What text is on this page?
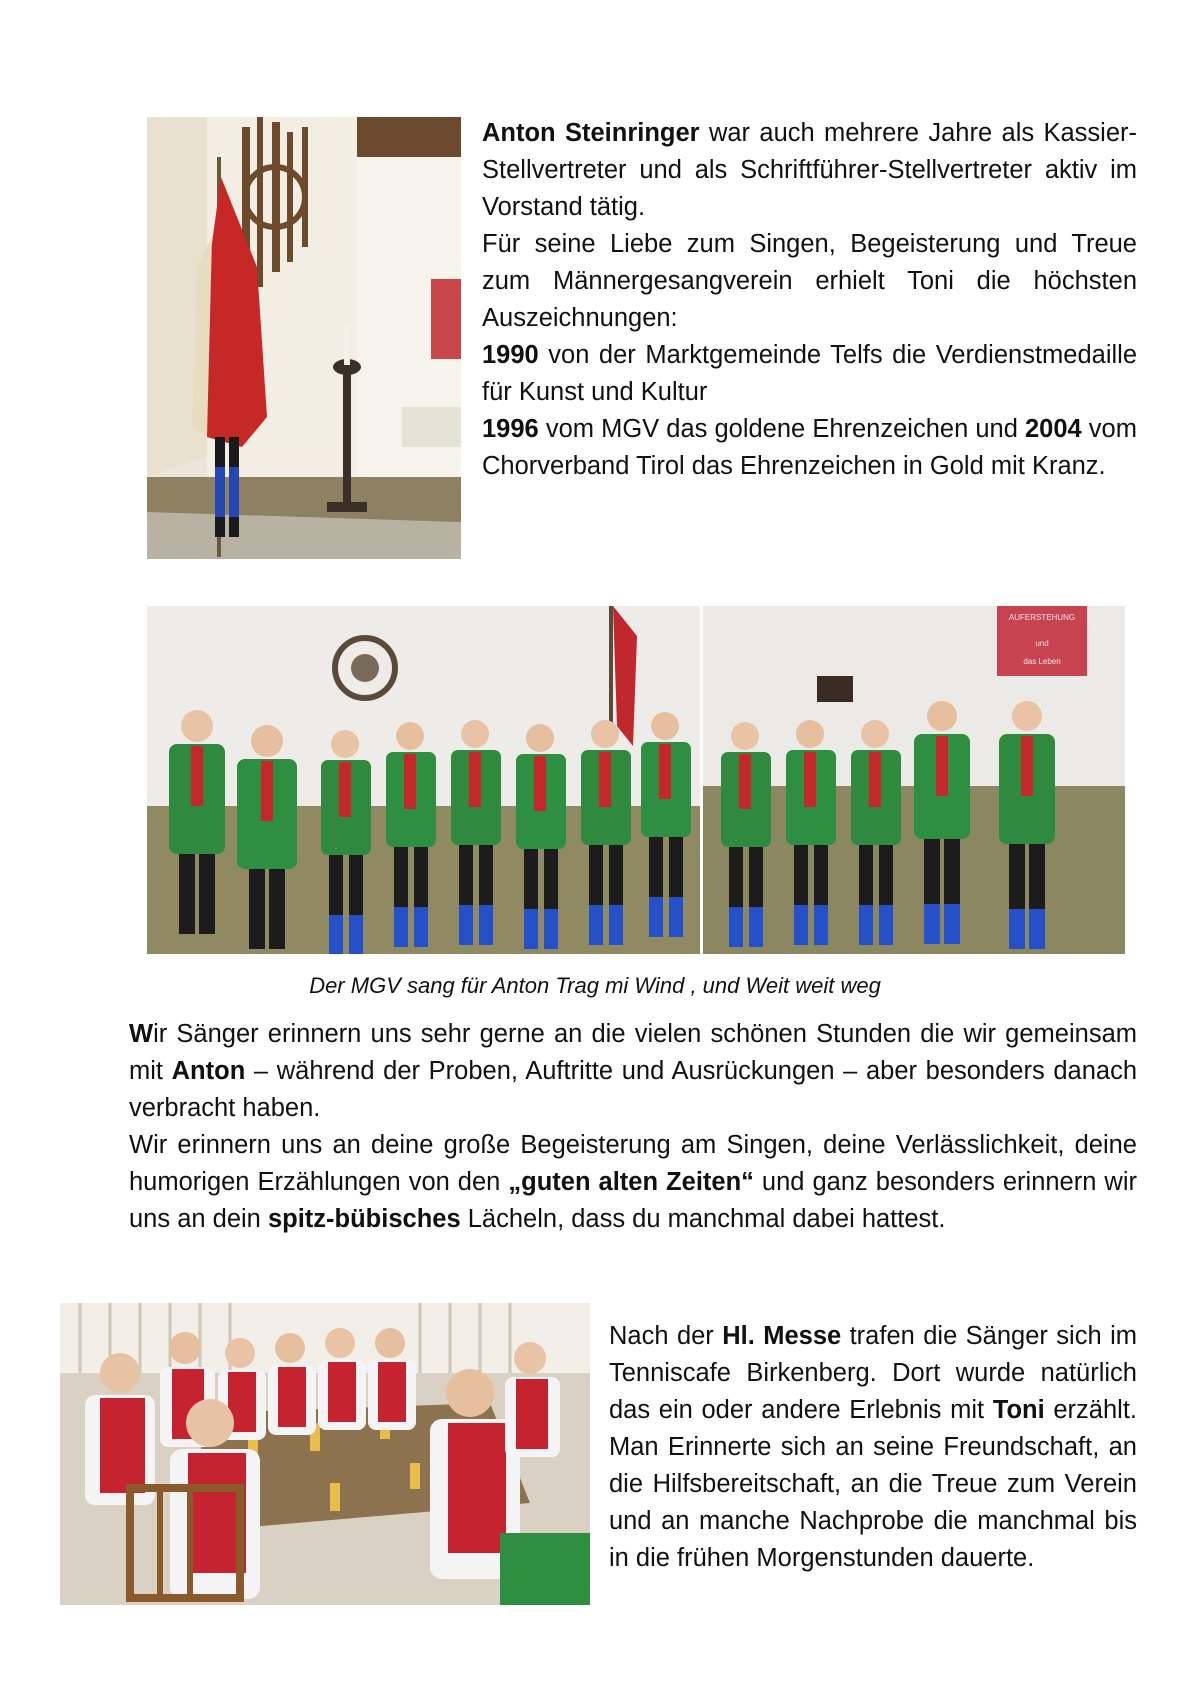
Anton Steinringer war auch mehrere Jahre als Kassier-Stellvertreter und als Schriftführer-Stellvertreter aktiv im Vorstand tätig.
Für seine Liebe zum Singen, Begeisterung und Treue zum Männergesangverein erhielt Toni die höchsten Auszeichnungen:
1990 von der Marktgemeinde Telfs die Verdienstmedaille für Kunst und Kultur
1996 vom MGV das goldene Ehrenzeichen und 2004 vom Chorverband Tirol das Ehrenzeichen in Gold mit Kranz.

AUFERSTEHUNG
und
das Leben
Der MGV sang für Anton Trag mi Wind , und Weit weit weg

Wir Sänger erinnern uns sehr gerne an die vielen schönen Stunden die wir gemeinsam mit Anton – während der Proben, Auftritte und Ausrückungen – aber besonders danach verbracht haben.
Wir erinnern uns an deine große Begeisterung am Singen, deine Verlässlichkeit, deine humorigen Erzählungen von den „guten alten Zeiten“ und ganz besonders erinnern wir uns an dein spitz-bübisches Lächeln, dass du manchmal dabei hattest.

Nach der Hl. Messe trafen die Sänger sich im Tenniscafe Birkenberg. Dort wurde natürlich das ein oder andere Erlebnis mit Toni erzählt. Man Erinnerte sich an seine Freundschaft, an die Hilfsbereitschaft, an die Treue zum Verein und an manche Nachprobe die manchmal bis in die frühen Morgenstunden dauerte.
